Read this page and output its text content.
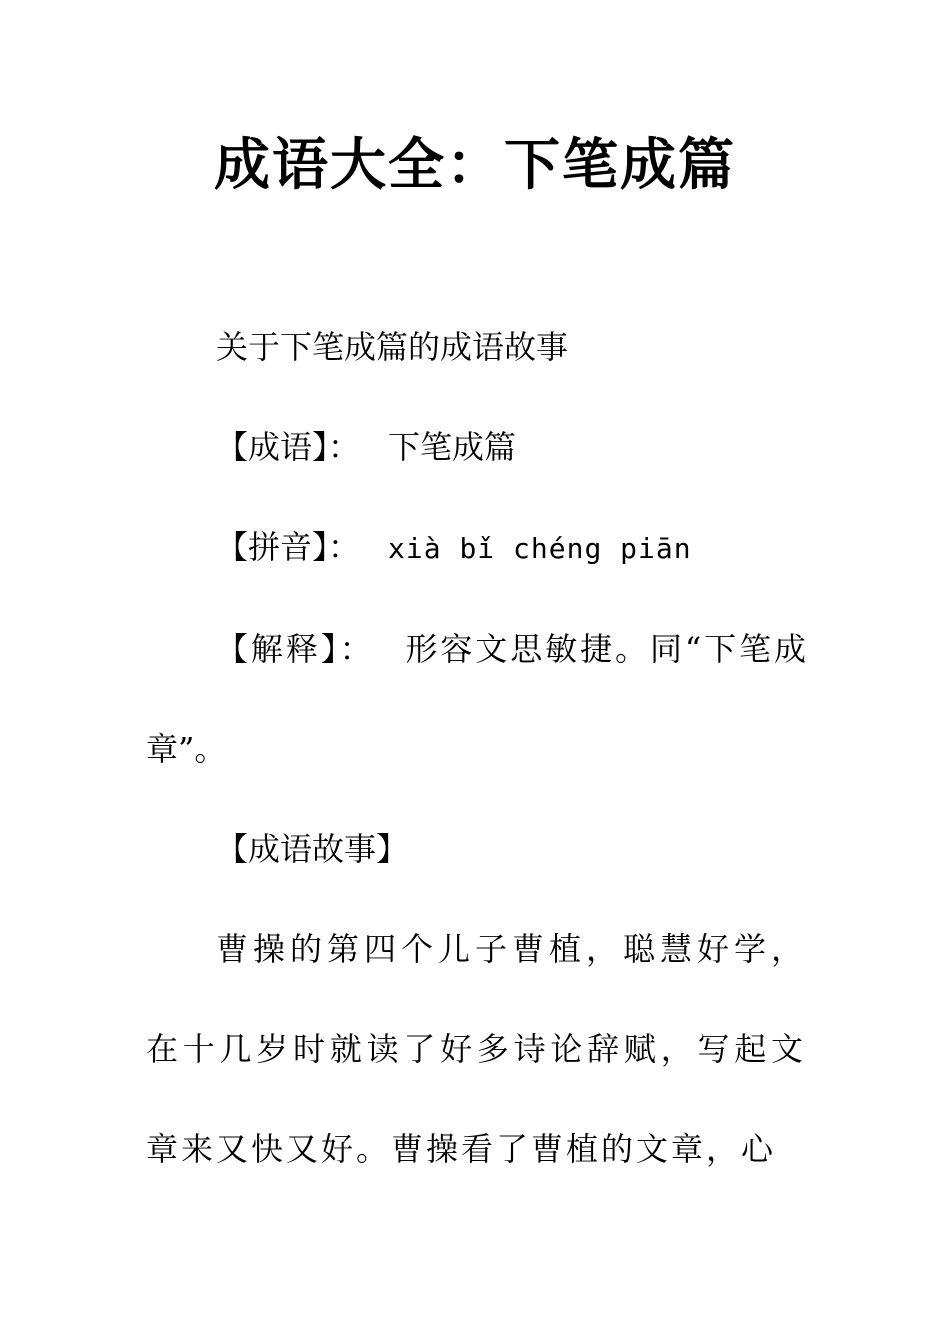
成语大全：下笔成篇

关于下笔成篇的成语故事

【成语】： 下笔成篇

【拼音】： xià bǐ chéng piān

【解释】： 形容文思敏捷。同“下笔成章”。

【成语故事】

曹操的第四个儿子曹植，聪慧好学，在十几岁时就读了好多诗论辞赋，写起文章来又快又好。曹操看了曹植的文章，心
